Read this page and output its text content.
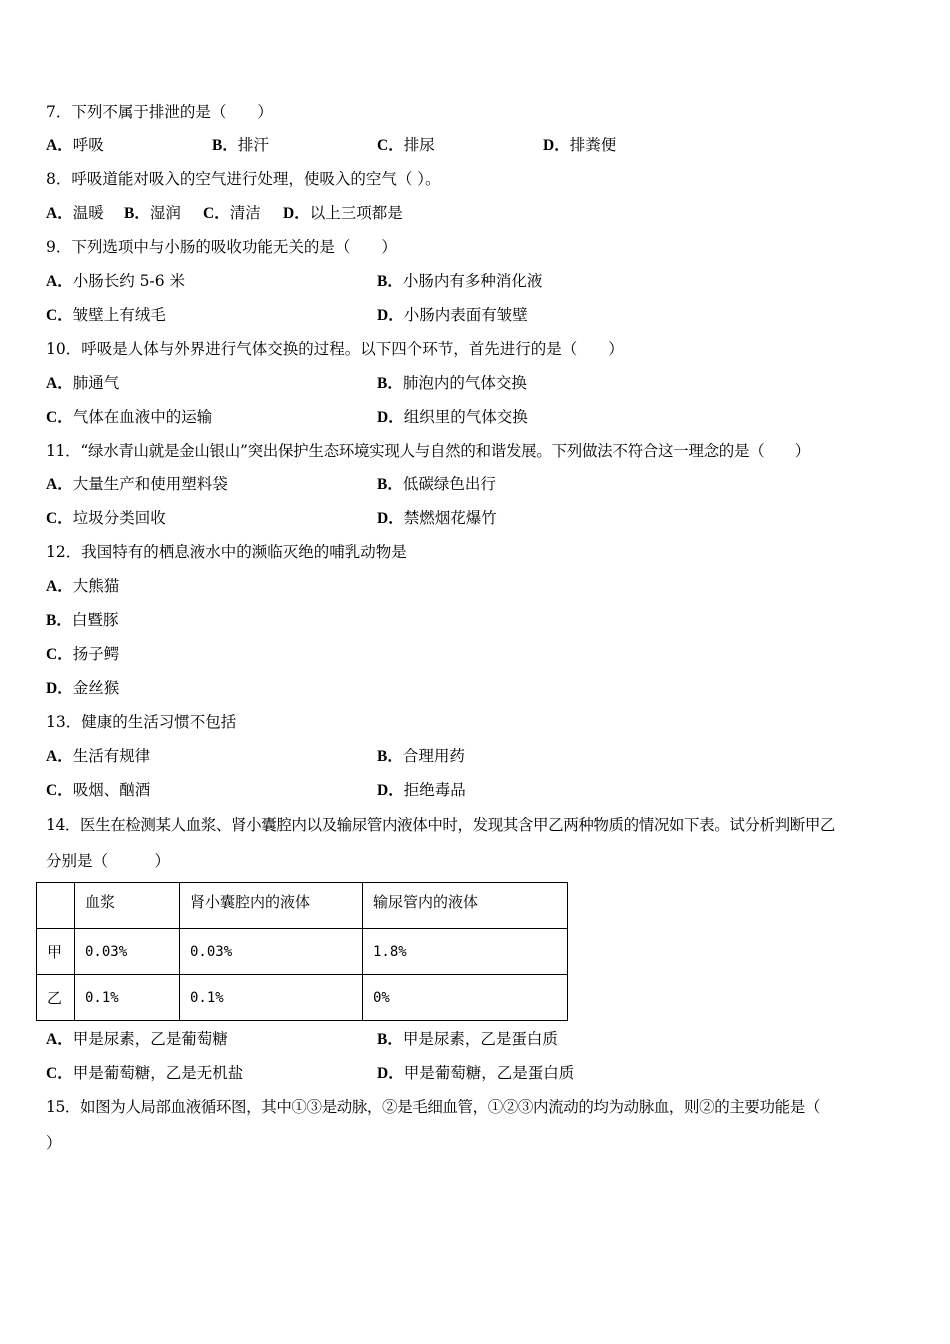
7．下列不属于排泄的是（　　）
A．呼吸	B．排汗	C．排尿	D．排粪便
8．呼吸道能对吸入的空气进行处理，使吸入的空气（ ）。
A．温暖 B．湿润 C．清洁 D．以上三项都是
9．下列选项中与小肠的吸收功能无关的是（　　）
A．小肠长约 5-6 米	B．小肠内有多种消化液
C．皱壁上有绒毛	D．小肠内表面有皱壁
10．呼吸是人体与外界进行气体交换的过程。以下四个环节，首先进行的是（　　）
A．肺通气	B．肺泡内的气体交换
C．气体在血液中的运输	D．组织里的气体交换
11．“绿水青山就是金山银山”突出保护生态环境实现人与自然的和谐发展。下列做法不符合这一理念的是（　　）
A．大量生产和使用塑料袋	B．低碳绿色出行
C．垃圾分类回收	D．禁燃烟花爆竹
12．我国特有的栖息液水中的濒临灭绝的哺乳动物是
A．大熊猫
B．白暨豚
C．扬子鳄
D．金丝猴
13．健康的生活习惯不包括
A．生活有规律	B．合理用药
C．吸烟、酗酒	D．拒绝毒品
14．医生在检测某人血浆、肾小囊腔内以及输尿管内液体中时，发现其含甲乙两种物质的情况如下表。试分析判断甲乙
分别是（　　　）
	血浆	肾小囊腔内的液体	输尿管内的液体
甲	0.03%	0.03%	1.8%
乙	0.1%	0.1%	0%
A．甲是尿素，乙是葡萄糖	B．甲是尿素，乙是蛋白质
C．甲是葡萄糖，乙是无机盐	D．甲是葡萄糖，乙是蛋白质
15．如图为人局部血液循环图，其中①③是动脉，②是毛细血管，①②③内流动的均为动脉血，则②的主要功能是（
）
